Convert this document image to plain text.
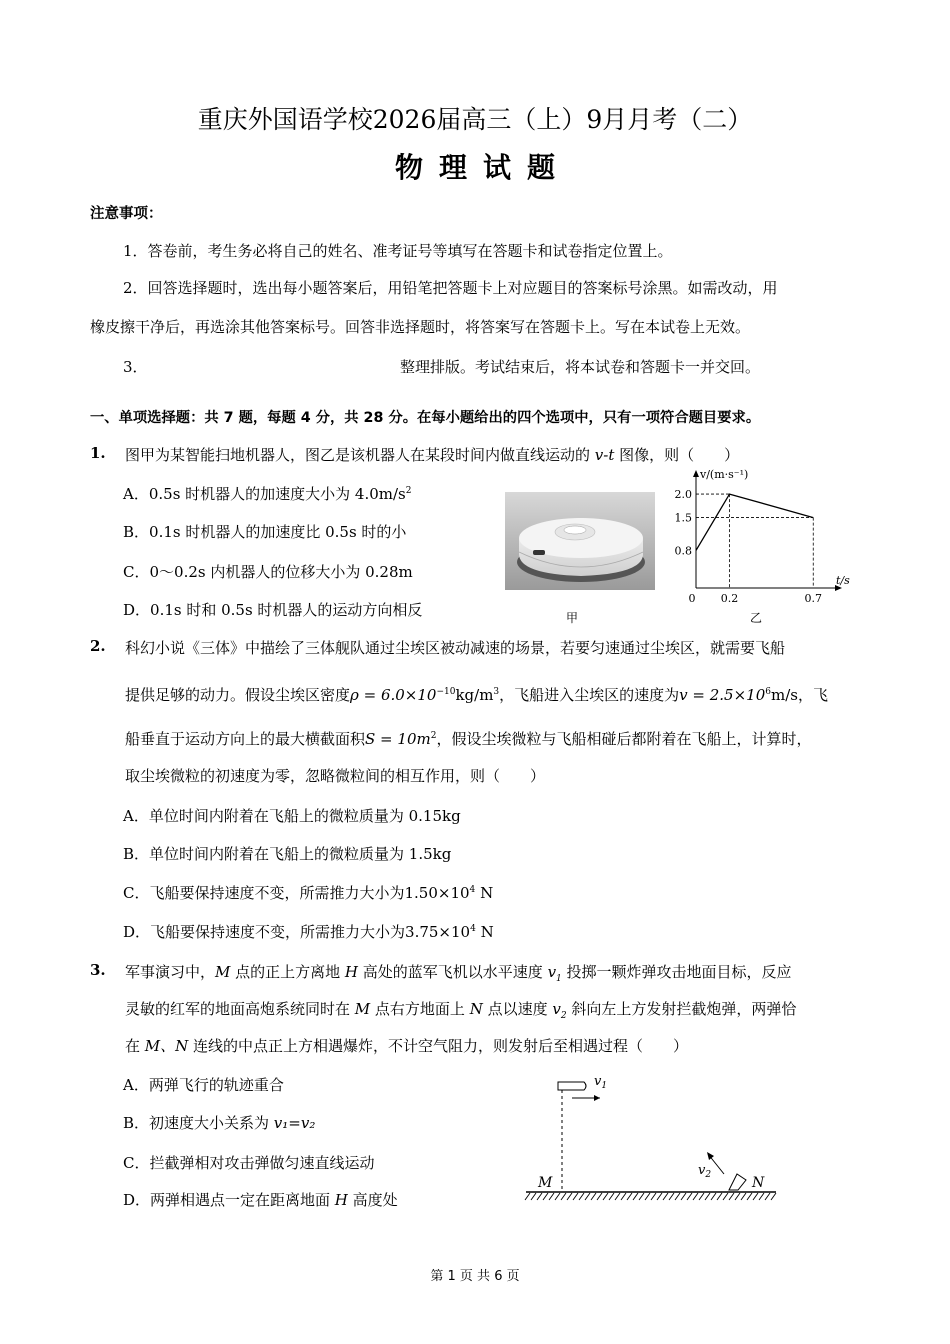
重庆外国语学校2026届高三（上）9月月考（二）
物理试题
注意事项：
1．答卷前，考生务必将自己的姓名、准考证号等填写在答题卡和试卷指定位置上。
2．回答选择题时，选出每小题答案后，用铅笔把答题卡上对应题目的答案标号涂黑。如需改动，用
橡皮擦干净后，再选涂其他答案标号。回答非选择题时，将答案写在答题卡上。写在本试卷上无效。
3．	整理排版。考试结束后，将本试卷和答题卡一并交回。
一、单项选择题：共 7 题，每题 4 分，共 28 分。在每小题给出的四个选项中，只有一项符合题目要求。
1. 图甲为某智能扫地机器人，图乙是该机器人在某段时间内做直线运动的 v-t 图像，则（　　）
A．0.5s 时机器人的加速度大小为 $4.0m/s^2$
B．0.1s 时机器人的加速度比 0.5s 时的小
C．0～0.2s 内机器人的位移大小为 0.28m
D．0.1s 时和 0.5s 时机器人的运动方向相反	甲
v/(m·s⁻¹)
t/s
0.8
1.5
2.0
0 0.2	0.7
乙
2. 科幻小说《三体》中描绘了三体舰队通过尘埃区被动减速的场景，若要匀速通过尘埃区，就需要飞船
提供足够的动力。假设尘埃区密度$\rho = 6.0\times 10^{-10}kg/m^3$，飞船进入尘埃区的速度为$v = 2.5\times 10^6m/s$，飞
船垂直于运动方向上的最大横截面积$S = 10m^2$，假设尘埃微粒与飞船相碰后都附着在飞船上，计算时，
取尘埃微粒的初速度为零，忽略微粒间的相互作用，则（　　）
A．单位时间内附着在飞船上的微粒质量为 0.15kg
B．单位时间内附着在飞船上的微粒质量为 1.5kg
C．飞船要保持速度不变，所需推力大小为$1.50\times 10^4$ N
D．飞船要保持速度不变，所需推力大小为$3.75\times 10^4$ N
3. 军事演习中，M 点的正上方离地 H 高处的蓝军飞机以水平速度 $v_1$ 投掷一颗炸弹攻击地面目标，反应
灵敏的红军的地面高炮系统同时在 M 点右方地面上 N 点以速度 $v_2$ 斜向左上方发射拦截炮弹，两弹恰
在 M、N 连线的中点正上方相遇爆炸，不计空气阻力，则发射后至相遇过程（　　）
A．两弹飞行的轨迹重合
B．初速度大小关系为 v₁=v₂
C．拦截弹相对攻击弹做匀速直线运动
D．两弹相遇点一定在距离地面 H 高度处
$v_1$
$v_2$
M	N
第 1 页 共 6 页
